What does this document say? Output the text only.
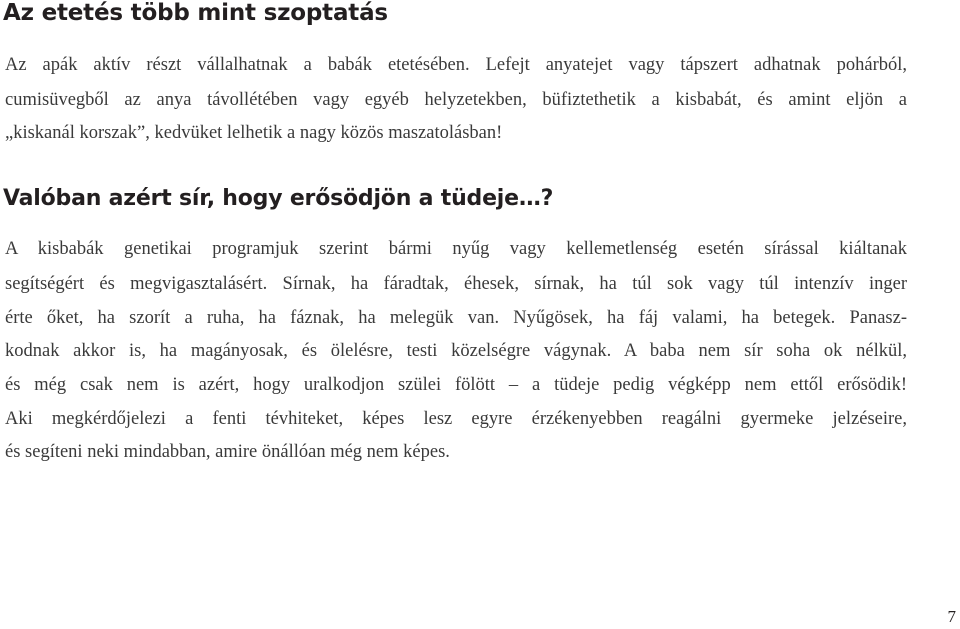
Az etetés több mint szoptatás

Az apák aktív részt vállalhatnak a babák etetésében. Lefejt anyatejet vagy tápszert adhatnak pohárból,

cumisüvegből az anya távollétében vagy egyéb helyzetekben, büfiztethetik a kisbabát, és amint eljön a

„kiskanál korszak”, kedvüket lelhetik a nagy közös maszatolásban!

Valóban azért sír, hogy erősödjön a tüdeje…?

A kisbabák genetikai programjuk szerint bármi nyűg vagy kellemetlenség esetén sírással kiáltanak

segítségért és megvigasztalásért. Sírnak, ha fáradtak, éhesek, sírnak, ha túl sok vagy túl intenzív inger

érte őket, ha szorít a ruha, ha fáznak, ha melegük van. Nyűgösek, ha fáj valami, ha betegek. Panasz-

kodnak akkor is, ha magányosak, és ölelésre, testi közelségre vágynak. A baba nem sír soha ok nélkül,

és még csak nem is azért, hogy uralkodjon szülei fölött – a tüdeje pedig végképp nem ettől erősödik!

Aki megkérdőjelezi a fenti tévhiteket, képes lesz egyre érzékenyebben reagálni gyermeke jelzéseire,

és segíteni neki mindabban, amire önállóan még nem képes.

7
